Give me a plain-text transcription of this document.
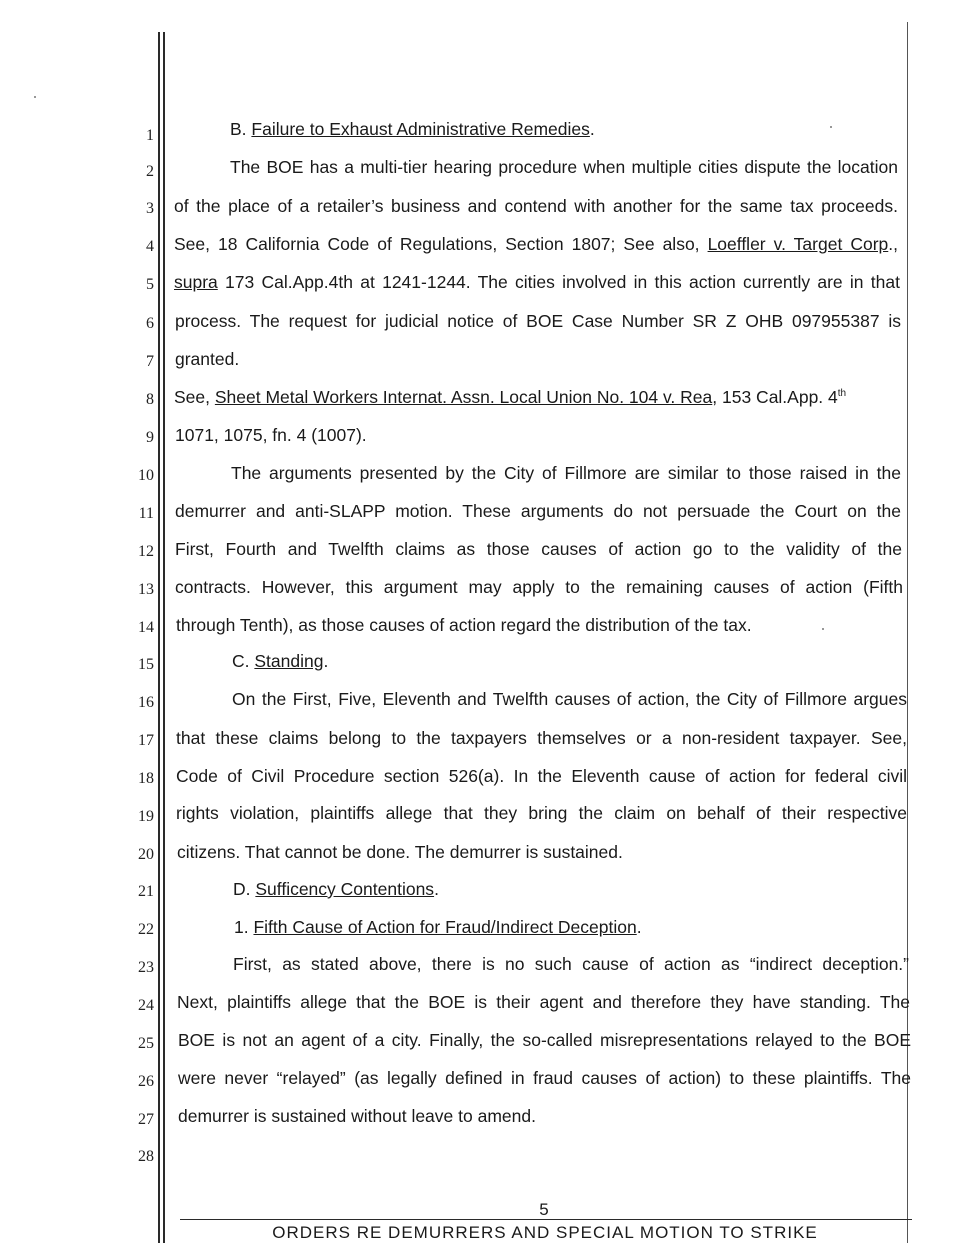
1
2
3
4
5
6
7
8
9
10
11
12
13
14
15
16
17
18
19
20
21
22
23
24
25
26
27
28
B. Failure to Exhaust Administrative Remedies.
The BOE has a multi-tier hearing procedure when multiple cities dispute the location
of the place of a retailer’s business and contend with another for the same tax proceeds.
See, 18 California Code of Regulations, Section 1807; See also, Loeffler v. Target Corp.,
supra 173 Cal.App.4th at 1241-1244. The cities involved in this action currently are in that
process. The request for judicial notice of BOE Case Number SR Z OHB 097955387 is
granted.
See, Sheet Metal Workers Internat. Assn. Local Union No. 104 v. Rea, 153 Cal.App. 4th
1071, 1075, fn. 4 (1007).
The arguments presented by the City of Fillmore are similar to those raised in the
demurrer and anti-SLAPP motion. These arguments do not persuade the Court on the
First, Fourth and Twelfth claims as those causes of action go to the validity of the
contracts. However, this argument may apply to the remaining causes of action (Fifth
through Tenth), as those causes of action regard the distribution of the tax.
C. Standing.
On the First, Five, Eleventh and Twelfth causes of action, the City of Fillmore argues
that these claims belong to the taxpayers themselves or a non-resident taxpayer. See,
Code of Civil Procedure section 526(a). In the Eleventh cause of action for federal civil
rights violation, plaintiffs allege that they bring the claim on behalf of their respective
citizens. That cannot be done. The demurrer is sustained.
D. Sufficency Contentions.
1. Fifth Cause of Action for Fraud/Indirect Deception.
First, as stated above, there is no such cause of action as “indirect deception.”
Next, plaintiffs allege that the BOE is their agent and therefore they have standing. The
BOE is not an agent of a city. Finally, the so-called misrepresentations relayed to the BOE
were never “relayed” (as legally defined in fraud causes of action) to these plaintiffs. The
demurrer is sustained without leave to amend.
5
ORDERS RE DEMURRERS AND SPECIAL MOTION TO STRIKE
